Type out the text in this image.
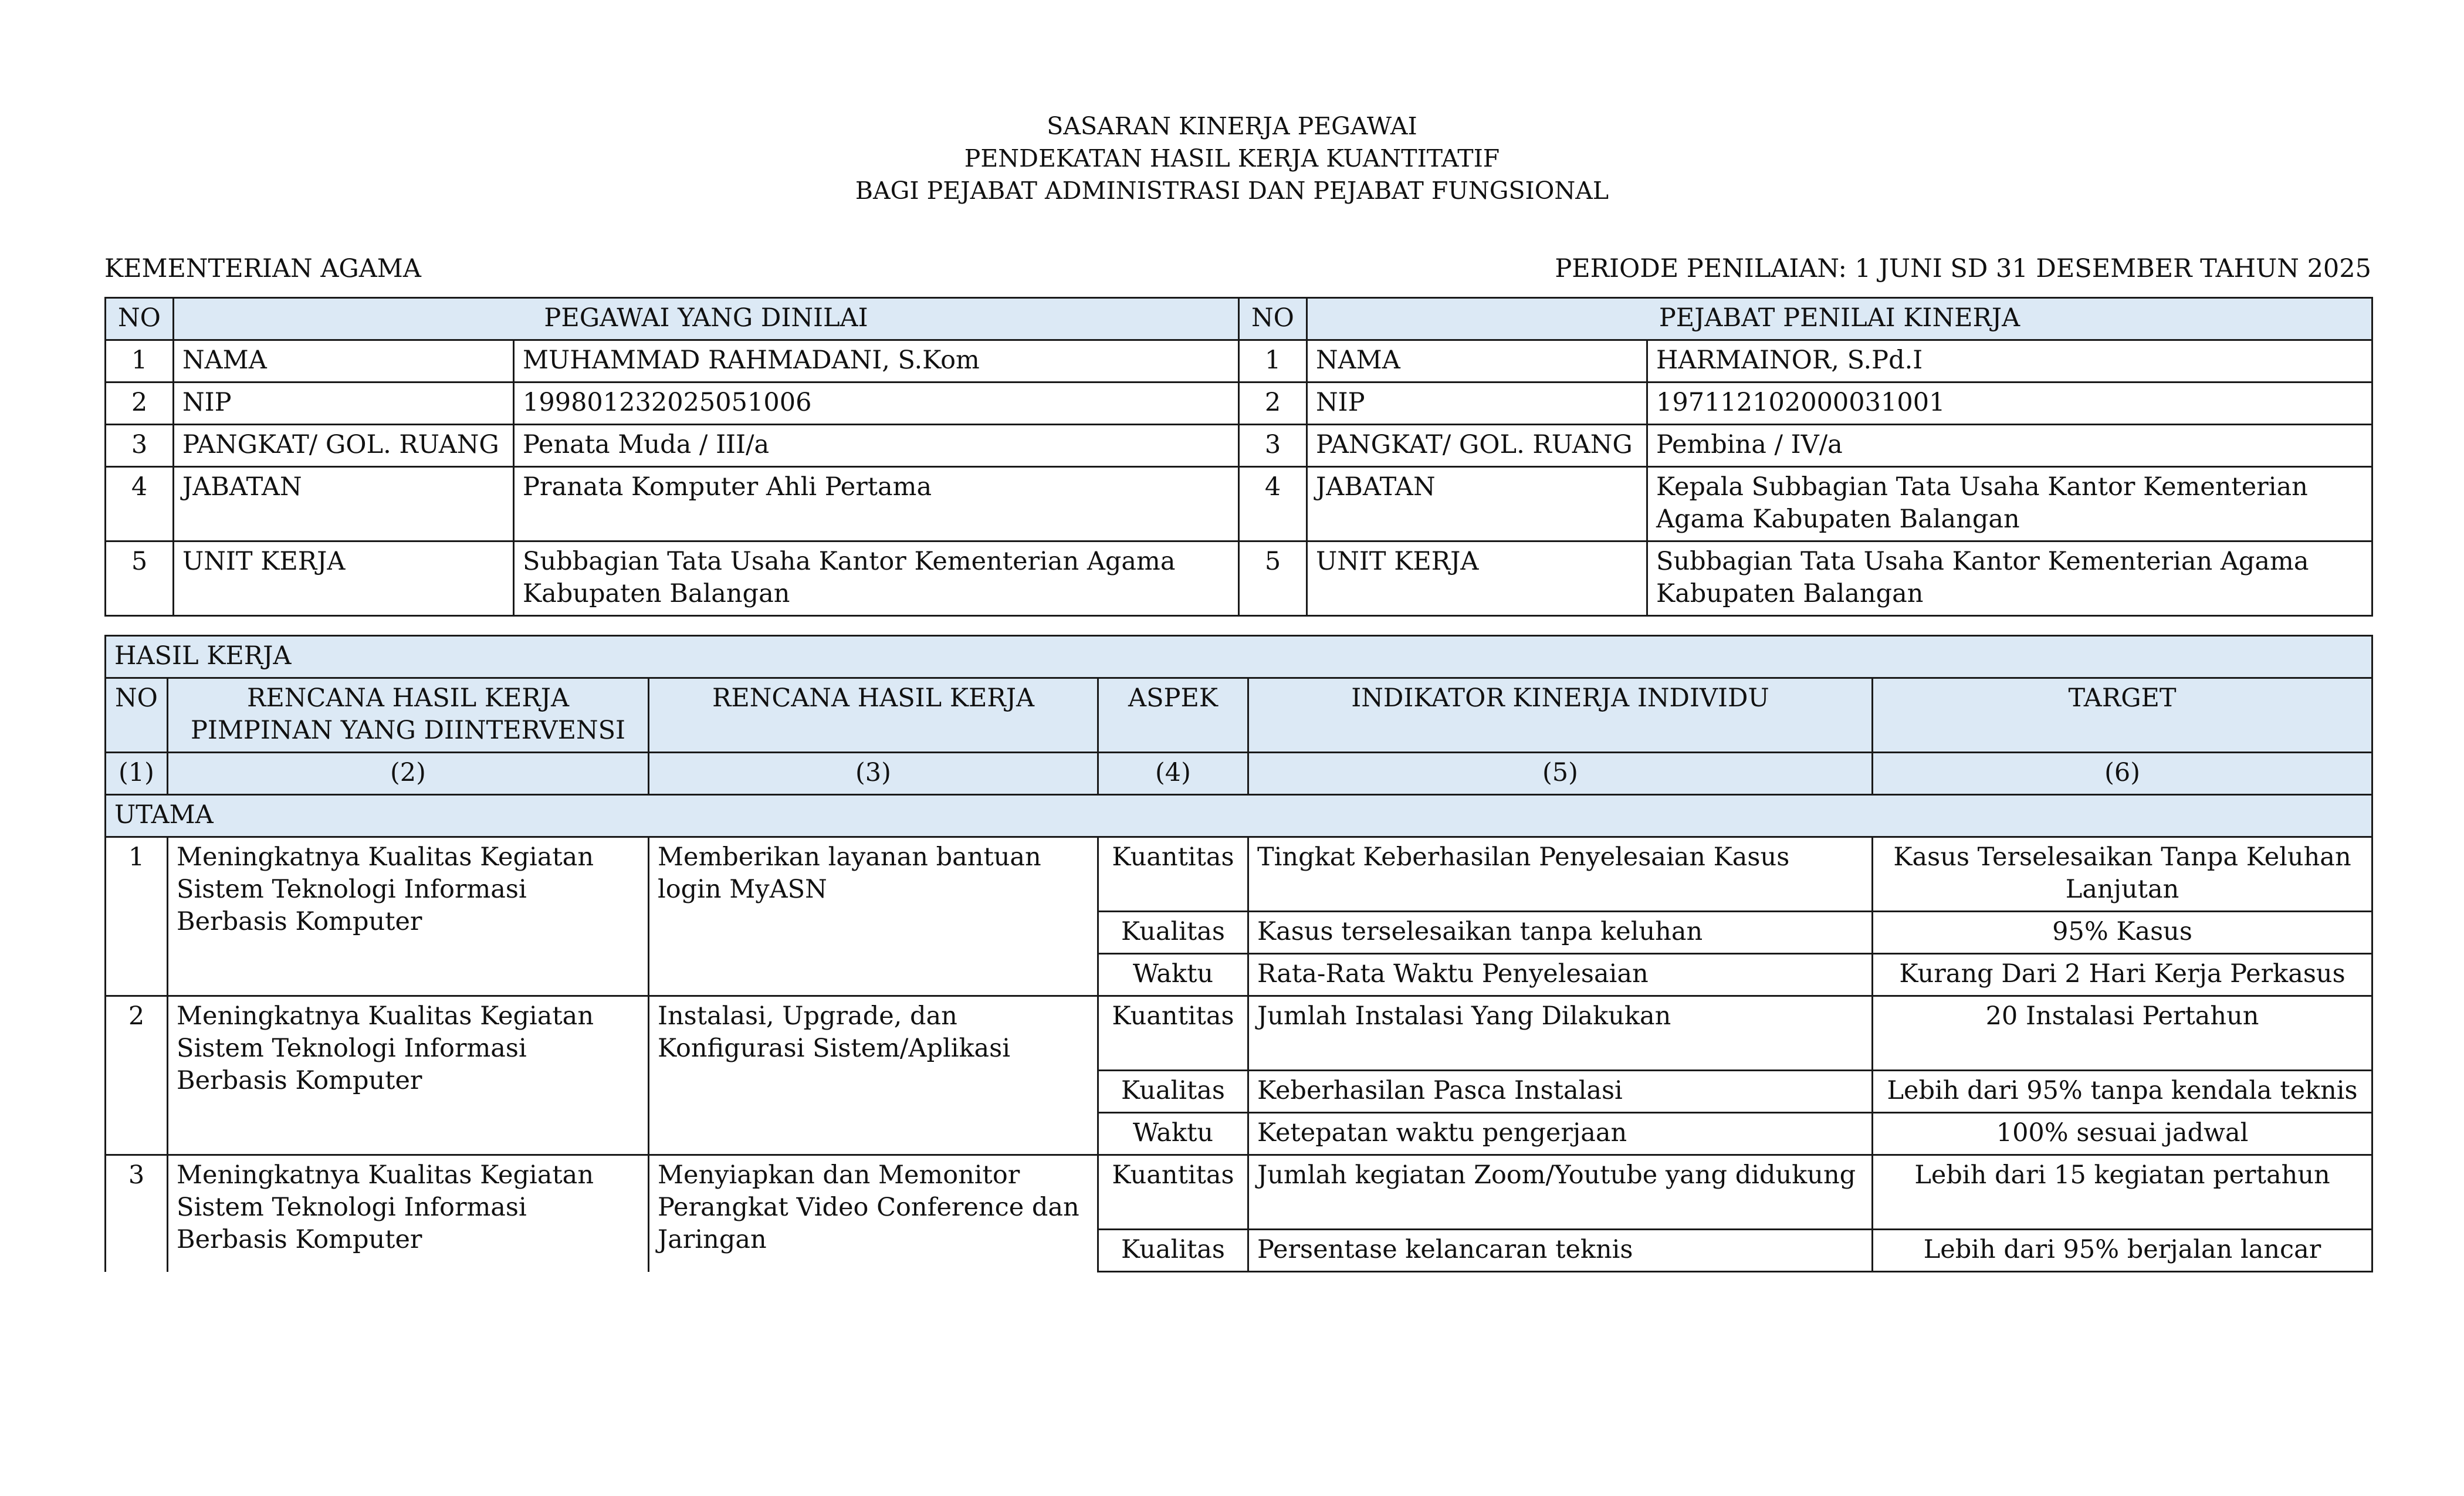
SASARAN KINERJA PEGAWAI
PENDEKATAN HASIL KERJA KUANTITATIF
BAGI PEJABAT ADMINISTRASI DAN PEJABAT FUNGSIONAL
KEMENTERIAN AGAMA	PERIODE PENILAIAN: 1 JUNI SD 31 DESEMBER TAHUN 2025
NO	PEGAWAI YANG DINILAI		NO	PEJABAT PENILAI KINERJA	
1	NAMA	MUHAMMAD RAHMADANI, S.Kom	1	NAMA	HARMAINOR, S.Pd.I
2	NIP	199801232025051006	2	NIP	197112102000031001
3	PANGKAT/ GOL. RUANG	Penata Muda / III/a	3	PANGKAT/ GOL. RUANG	Pembina / IV/a
4	JABATAN	Pranata Komputer Ahli Pertama	4	JABATAN	Kepala Subbagian Tata Usaha Kantor Kementerian Agama Kabupaten Balangan
5	UNIT KERJA	Subbagian Tata Usaha Kantor Kementerian Agama Kabupaten Balangan	5	UNIT KERJA	Subbagian Tata Usaha Kantor Kementerian Agama Kabupaten Balangan
HASIL KERJA					
NO	RENCANA HASIL KERJA PIMPINAN YANG DIINTERVENSI	RENCANA HASIL KERJA	ASPEK	INDIKATOR KINERJA INDIVIDU	TARGET
(1)	(2)	(3)	(4)	(5)	(6)
UTAMA					
1	Meningkatnya Kualitas Kegiatan Sistem Teknologi Informasi Berbasis Komputer	Memberikan layanan bantuan login MyASN	Kuantitas	Tingkat Keberhasilan Penyelesaian Kasus	Kasus Terselesaikan Tanpa Keluhan Lanjutan
			Kualitas	Kasus terselesaikan tanpa keluhan	95% Kasus
			Waktu	Rata-Rata Waktu Penyelesaian	Kurang Dari 2 Hari Kerja Perkasus
2	Meningkatnya Kualitas Kegiatan Sistem Teknologi Informasi Berbasis Komputer	Instalasi, Upgrade, dan Konfigurasi Sistem/Aplikasi	Kuantitas	Jumlah Instalasi Yang Dilakukan	20 Instalasi Pertahun
			Kualitas	Keberhasilan Pasca Instalasi	Lebih dari 95% tanpa kendala teknis
			Waktu	Ketepatan waktu pengerjaan	100% sesuai jadwal
3	Meningkatnya Kualitas Kegiatan Sistem Teknologi Informasi Berbasis Komputer	Menyiapkan dan Memonitor Perangkat Video Conference dan Jaringan	Kuantitas	Jumlah kegiatan Zoom/Youtube yang didukung	Lebih dari 15 kegiatan pertahun
			Kualitas	Persentase kelancaran teknis	Lebih dari 95% berjalan lancar
